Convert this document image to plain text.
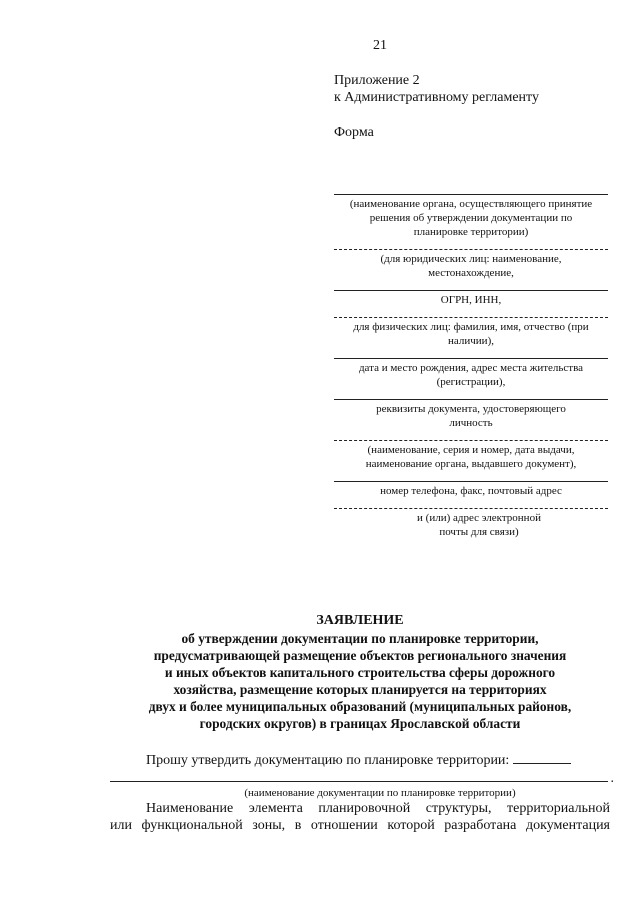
21
Приложение 2
к Административному регламенту
Форма
(наименование органа, осуществляющего принятие решения об утверждении документации по планировке территории)
(для юридических лиц: наименование, местонахождение,
ОГРН, ИНН,
для физических лиц: фамилия, имя, отчество (при наличии),
дата и место рождения, адрес места жительства (регистрации),
реквизиты документа, удостоверяющего личность
(наименование, серия и номер, дата выдачи, наименование органа, выдавшего документ),
номер телефона, факс, почтовый адрес
и (или) адрес электронной почты для связи)
ЗАЯВЛЕНИЕ
об утверждении документации по планировке территории,
предусматривающей размещение объектов регионального значения
и иных объектов капитального строительства сферы дорожного
хозяйства, размещение которых планируется на территориях
двух и более муниципальных образований (муниципальных районов,
городских округов) в границах Ярославской области
Прошу утвердить документацию по планировке территории:
.
(наименование документации по планировке территории)
Наименование элемента планировочной структуры, территориальной
или функциональной зоны, в отношении которой разработана документация
